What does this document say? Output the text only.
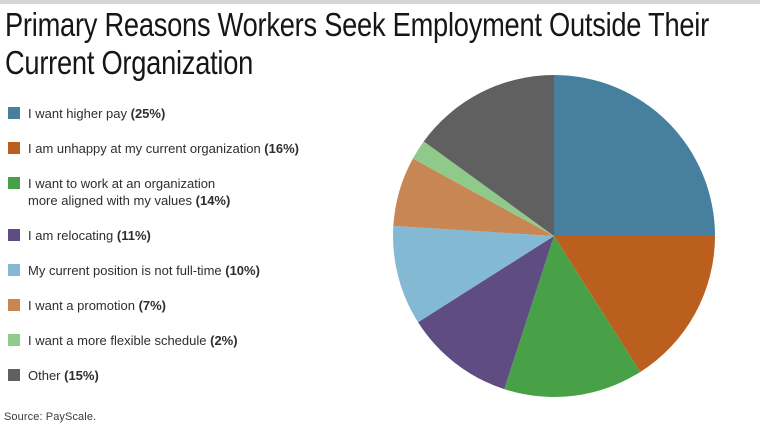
Primary Reasons Workers Seek Employment Outside Their Current Organization
I want higher pay (25%)
I am unhappy at my current organization (16%)
I want to work at an organization
more aligned with my values (14%)
I am relocating (11%)
My current position is not full-time (10%)
I want a promotion (7%)
I want a more flexible schedule (2%)
Other (15%)
Source: PayScale.
